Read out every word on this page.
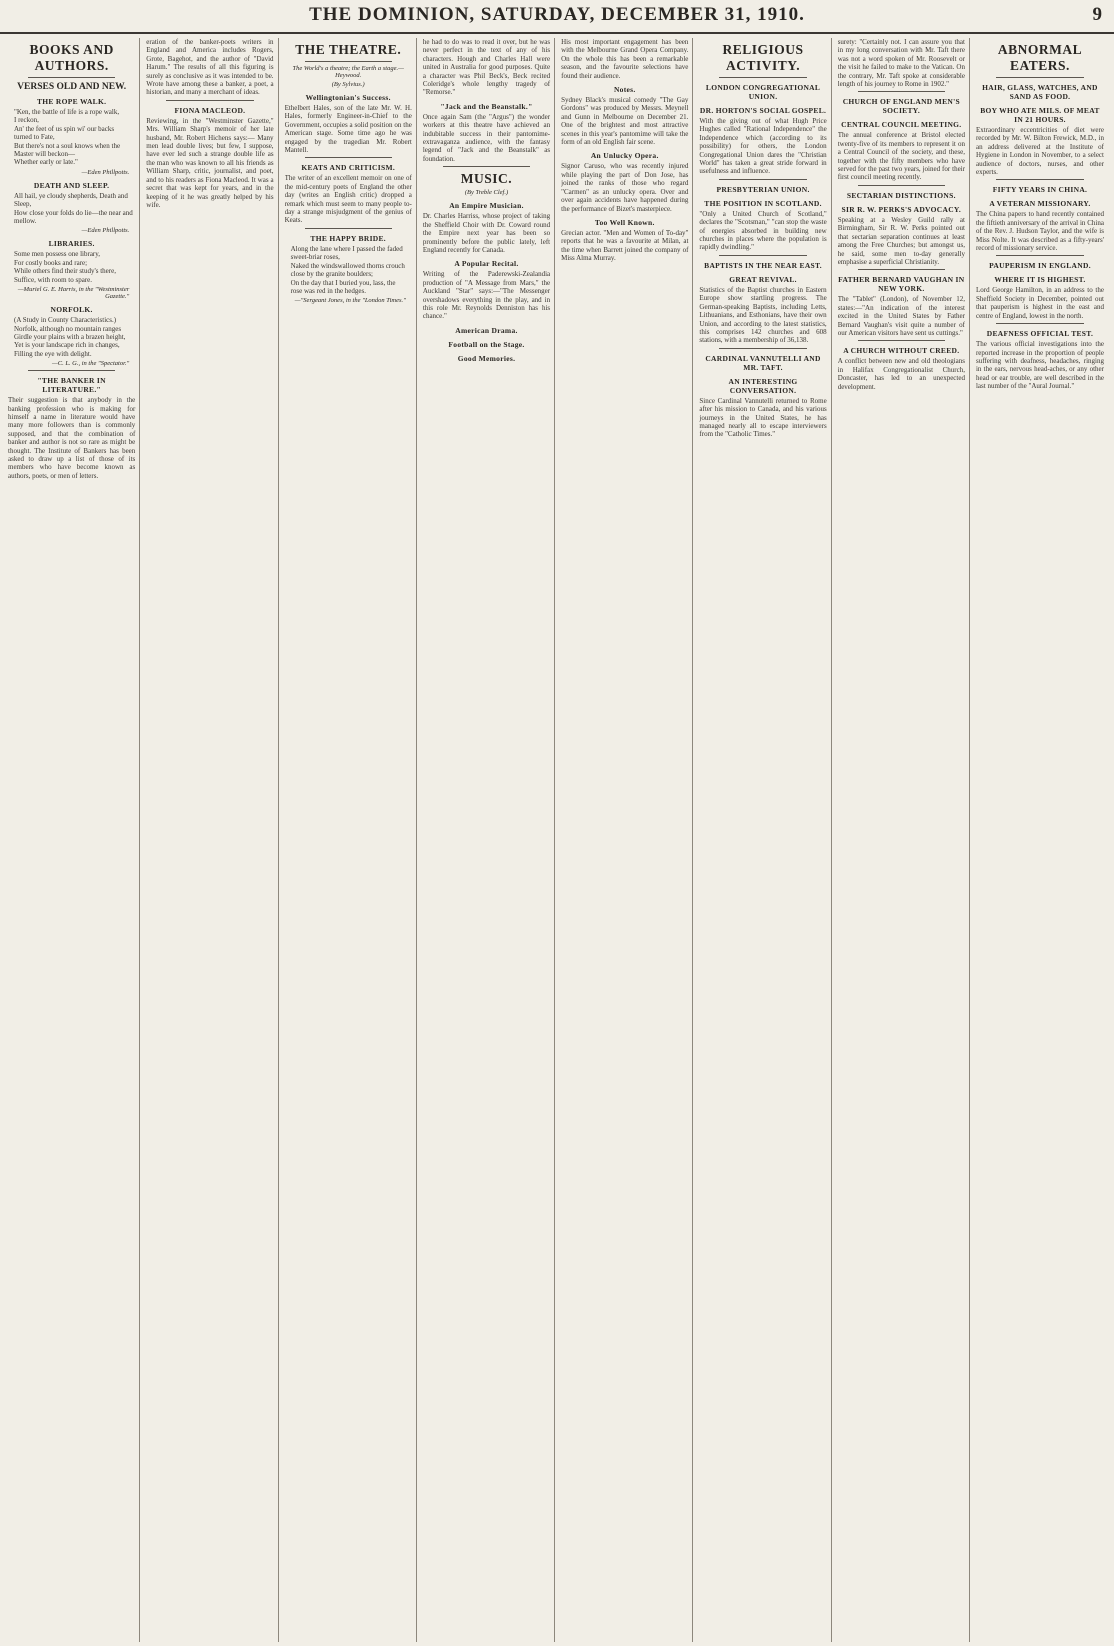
THE DOMINION, SATURDAY, DECEMBER 31, 1910.	9
BOOKS AND AUTHORS.
VERSES OLD AND NEW.
THE ROPE WALK.

"Ken, the battle of life is a rope walk,
I reckon,
An' the feet of us spin wi' our backs
turned to Fate,
But there's not a soul knows when the
Master will beckon—
Whether early or late."

—Eden Phillpotts.

DEATH AND SLEEP.

All hail, ye cloudy shepherds, Death and
Sleep,
How close your folds do lie—the near and
mellow.

—Eden Phillpotts.

LIBRARIES.

Some men possess one library,
For costly books and rare;
While others find their study's there,
Suffice, with room to spare.

—Muriel G. E. Harris, in the "Westminster Gazette."

NORFOLK.

(A Study in County Characteristics.)
Norfolk, although no mountain ranges
Girdle your plains with a brazen height,
Yet is your landscape rich in changes,
Filling the eye with delight.

—C. L. G., in the "Spectator."

"THE BANKER IN LITERATURE."

Their suggestion is that anybody in the banking profession who is making for himself a name in literature would have many more followers than is commonly supposed, and that the combination of banker and author is not so rare as might be thought. The Institute of Bankers has been asked to draw up a list of those of its members who have become known as authors, poets, or men of letters.

eration of the banker-poets writers in England and America includes Rogers, Grote, Bagehot, and the author of "David Harum." The results of all this figuring is surely as conclusive as it was intended to be. Wrote have among these a banker, a poet, a historian, and many a merchant of ideas.

FIONA MACLEOD.

Reviewing, in the "Westminster Gazette," Mrs. William Sharp's memoir of her late husband, Mr. Robert Hichens says:— Many men lead double lives; but few, I suppose, have ever led such a strange double life as the man who was known to all his friends as William Sharp, critic, journalist, and poet, and to his readers as Fiona Macleod. It was a secret that was kept for years, and in the keeping of it he was greatly helped by his wife.

THE THEATRE.

The World's a theatre; the Earth a stage.—Heywood.

(By Sylvius.)

Wellingtonian's Success.

Ethelbert Hales, son of the late Mr. W. H. Hales, formerly Engineer-in-Chief to the Government, occupies a solid position on the American stage. Some time ago he was engaged by the tragedian Mr. Robert Mantell.

KEATS AND CRITICISM.

The writer of an excellent memoir on one of the mid-century poets of England the other day (writes an English critic) dropped a remark which must seem to many people to-day a strange misjudgment of the genius of Keats.

THE HAPPY BRIDE.

Along the lane where I passed the faded
sweet-briar roses,
Naked the windswallowed thorns crouch
close by the granite boulders;
On the day that I buried you, lass, the
rose was red in the hedges.

—"Sergeant Jones, in the "London Times."

he had to do was to read it over, but he was never perfect in the text of any of his characters. Hough and Charles Hall were united in Australia for good purposes. Quite a character was Phil Beck's, Beck recited Coleridge's whole lengthy tragedy of "Remorse."

"Jack and the Beanstalk."

Once again Sam (the "Argus") the wonder workers at this theatre have achieved an indubitable success in their pantomime-extravaganza audience, with the fantasy legend of "Jack and the Beanstalk" as foundation.

MUSIC.

(By Treble Clef.)

An Empire Musician.

Dr. Charles Harriss, whose project of taking the Sheffield Choir with Dr. Coward round the Empire next year has been so prominently before the public lately, left England recently for Canada.

A Popular Recital.

Writing of the Paderewski-Zealandia production of "A Message from Mars," the Auckland "Star" says:—"The Messenger overshadows everything in the play, and in this role Mr. Reynolds Denniston has his chance."

American Drama.
Football on the Stage.
Good Memories.

His most important engagement has been with the Melbourne Grand Opera Company. On the whole this has been a remarkable season, and the favourite selections have found their audience.

Notes.

Sydney Black's musical comedy "The Gay Gordons" was produced by Messrs. Meynell and Gunn in Melbourne on December 21. One of the brightest and most attractive scenes in this year's pantomime will take the form of an old English fair scene.

An Unlucky Opera.

Signor Caruso, who was recently injured while playing the part of Don Jose, has joined the ranks of those who regard "Carmen" as an unlucky opera. Over and over again accidents have happened during the performance of Bizet's masterpiece.

Too Well Known.

Grecian actor. "Men and Women of To-day" reports that he was a favourite at Milan, at the time when Barrett joined the company of Miss Alma Murray.

RELIGIOUS ACTIVITY.
LONDON CONGREGATIONAL UNION.
DR. HORTON'S SOCIAL GOSPEL.

With the giving out of what Hugh Price Hughes called "Rational Independence" the Independence which (according to its possibility) for others, the London Congregational Union dares the "Christian World" has taken a great stride forward in usefulness and influence.

PRESBYTERIAN UNION.
THE POSITION IN SCOTLAND.

"Only a United Church of Scotland," declares the "Scotsman," "can stop the waste of energies absorbed in building new churches in places where the population is rapidly dwindling."

BAPTISTS IN THE NEAR EAST.
GREAT REVIVAL.

Statistics of the Baptist churches in Eastern Europe show startling progress. The German-speaking Baptists, including Letts, Lithuanians, and Esthonians, have their own Union, and according to the latest statistics, this comprises 142 churches and 608 stations, with a membership of 36,138.

CARDINAL VANNUTELLI AND MR. TAFT.
AN INTERESTING CONVERSATION.

Since Cardinal Vannutelli returned to Rome after his mission to Canada, and his various journeys in the United States, he has managed nearly all to escape interviewers from the "Catholic Times."

surety: "Certainly not. I can assure you that in my long conversation with Mr. Taft there was not a word spoken of Mr. Roosevelt or the visit he failed to make to the Vatican. On the contrary, Mr. Taft spoke at considerable length of his journey to Rome in 1902."

CHURCH OF ENGLAND MEN'S SOCIETY.
CENTRAL COUNCIL MEETING.

The annual conference at Bristol elected twenty-five of its members to represent it on a Central Council of the society, and these, together with the fifty members who have served for the past two years, joined for their first council meeting recently.

SECTARIAN DISTINCTIONS.
SIR R. W. PERKS'S ADVOCACY.

Speaking at a Wesley Guild rally at Birmingham, Sir R. W. Perks pointed out that sectarian separation continues at least among the Free Churches; but amongst us, he said, some men to-day generally emphasise a superficial Christianity.

FATHER BERNARD VAUGHAN IN NEW YORK.

The "Tablet" (London), of November 12, states:—"An indication of the interest excited in the United States by Father Bernard Vaughan's visit quite a number of our American visitors have sent us cuttings."

A CHURCH WITHOUT CREED.

A conflict between new and old theologians in Halifax Congregationalist Church, Doncaster, has led to an unexpected development.

ABNORMAL EATERS.
HAIR, GLASS, WATCHES, AND SAND AS FOOD.
BOY WHO ATE MILS. OF MEAT IN 21 HOURS.

Extraordinary eccentricities of diet were recorded by Mr. W. Bilton Frewick, M.D., in an address delivered at the Institute of Hygiene in London in November, to a select audience of doctors, nurses, and other experts.

FIFTY YEARS IN CHINA.
A VETERAN MISSIONARY.

The China papers to hand recently contained the fiftieth anniversary of the arrival in China of the Rev. J. Hudson Taylor, and the wife is Miss Nolte. It was described as a fifty-years' record of missionary service.

PAUPERISM IN ENGLAND.
WHERE IT IS HIGHEST.

Lord George Hamilton, in an address to the Sheffield Society in December, pointed out that pauperism is highest in the east and centre of England, lowest in the north.

DEAFNESS OFFICIAL TEST.

The various official investigations into the reported increase in the proportion of people suffering with deafness, headaches, ringing in the ears, nervous head-aches, or any other head or ear trouble, are well described in the last number of the "Aural Journal."
